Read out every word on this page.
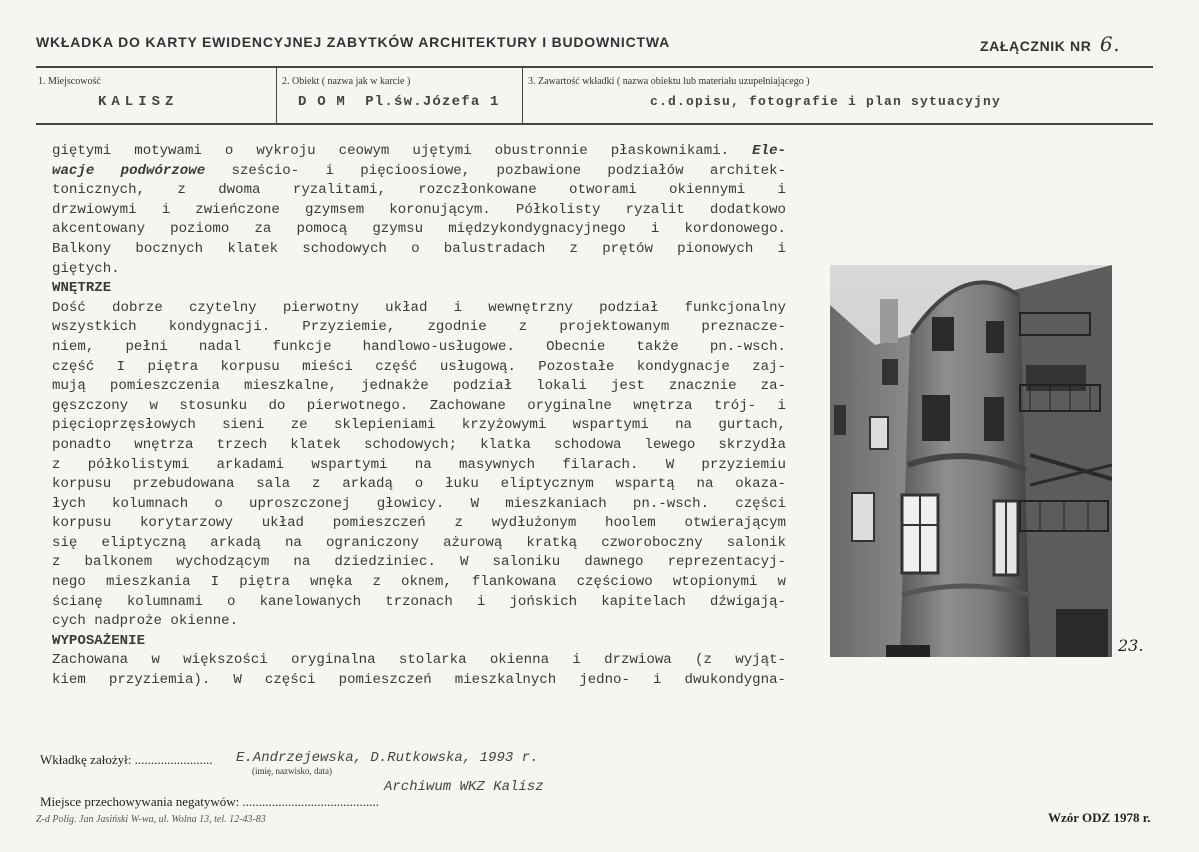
WKŁADKA DO KARTY EWIDENCYJNEJ ZABYTKÓW ARCHITEKTURY I BUDOWNICTWA	ZAŁĄCZNIK NR 6.
1. Miejscowość
KALISZ
2. Obiekt ( nazwa jak w karcie )
D O M  Pl.św.Józefa 1
3. Zawartość wkładki ( nazwa obiektu lub materiału uzupełniającego )
c.d.opisu, fotografie i plan sytuacyjny
giętymi motywami o wykroju ceowym ujętymi obustronnie płaskownikami. Ele-
wacje podwórzowe sześcio- i pięcioosiowe, pozbawione podziałów architek-
tonicznych, z dwoma ryzalitami, rozczłonkowane otworami okiennymi i
drzwiowymi i zwieńczone gzymsem koronującym. Półkolisty ryzalit dodatkowo
akcentowany poziomo za pomocą gzymsu międzykondygnacyjnego i kordonowego.
Balkony bocznych klatek schodowych o balustradach z prętów pionowych i
giętych.
WNĘTRZE
Dość dobrze czytelny pierwotny układ i wewnętrzny podział funkcjonalny
wszystkich kondygnacji. Przyziemie, zgodnie z projektowanym preznacze-
niem, pełni nadal funkcje handlowo-usługowe. Obecnie także pn.-wsch.
część I piętra korpusu mieści część usługową. Pozostałe kondygnacje zaj-
mują pomieszczenia mieszkalne, jednakże podział lokali jest znacznie za-
gęszczony w stosunku do pierwotnego. Zachowane oryginalne wnętrza trój- i
pięcioprzęsłowych sieni ze sklepieniami krzyżowymi wspartymi na gurtach,
ponadto wnętrza trzech klatek schodowych; klatka schodowa lewego skrzydła
z półkolistymi arkadami wspartymi na masywnych filarach. W przyziemiu
korpusu przebudowana sala z arkadą o łuku eliptycznym wspartą na okaza-
łych kolumnach o uproszczonej głowicy. W mieszkaniach pn.-wsch. części
korpusu korytarzowy układ pomieszczeń z wydłużonym hoolem otwierającym
się eliptyczną arkadą na ograniczony ażurową kratką czworoboczny salonik
z balkonem wychodzącym na dziedziniec. W saloniku dawnego reprezentacyj-
nego mieszkania I piętra wnęka z oknem, flankowana częściowo wtopionymi w
ścianę kolumnami o kanelowanych trzonach i jońskich kapitelach dźwigają-
cych nadproże okienne.
WYPOSAŻENIE
Zachowana w większości oryginalna stolarka okienna i drzwiowa (z wyjąt-
kiem przyziemia). W części pomieszczeń mieszkalnych jedno- i dwukondygna-
23.
Wkładkę założył: ........................ E.Andrzejewska, D.Rutkowska, 1993 r.
(imię, nazwisko, data)
Archiwum WKZ Kalisz
Miejsce przechowywania negatywów: ..........................................
Z-d Polig. Jan Jasiński W-wa, ul. Wolna 13, tel. 12-43-83	Wzór ODZ 1978 r.
